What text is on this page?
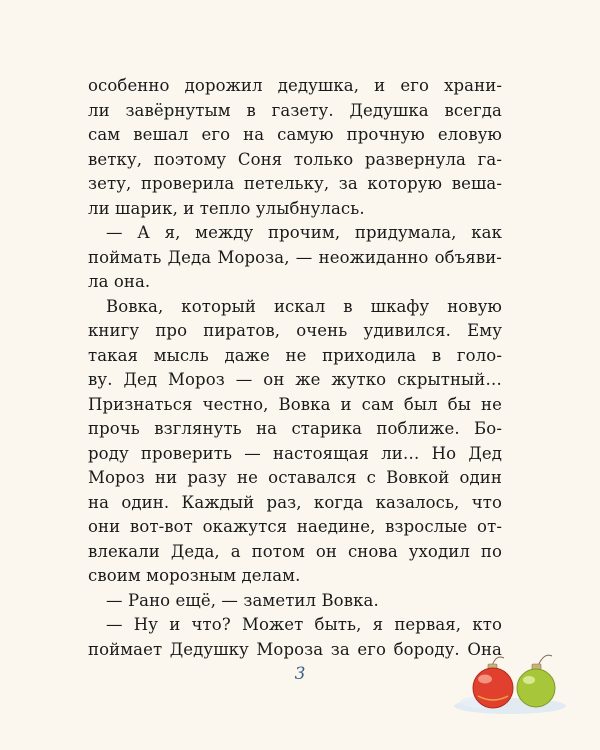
особенно дорожил дедушка, и его храни-
ли завёрнутым в газету. Дедушка всегда
сам вешал его на самую прочную еловую
ветку, поэтому Соня только развернула га-
зету, проверила петельку, за которую веша-
ли шарик, и тепло улыбнулась.
— А я, между прочим, придумала, как
поймать Деда Мороза, — неожиданно объяви-
ла она.
Вовка, который искал в шкафу новую
книгу про пиратов, очень удивился. Ему
такая мысль даже не приходила в голо-
ву. Дед Мороз — он же жутко скрытный…
Признаться честно, Вовка и сам был бы не
прочь взглянуть на старика поближе. Бо-
роду проверить — настоящая ли… Но Дед
Мороз ни разу не оставался с Вовкой один
на один. Каждый раз, когда казалось, что
они вот-вот окажутся наедине, взрослые от-
влекали Деда, а потом он снова уходил по
своим морозным делам.
— Рано ещё, — заметил Вовка.
— Ну и что? Может быть, я первая, кто
поймает Дедушку Мороза за его бороду. Она
3
